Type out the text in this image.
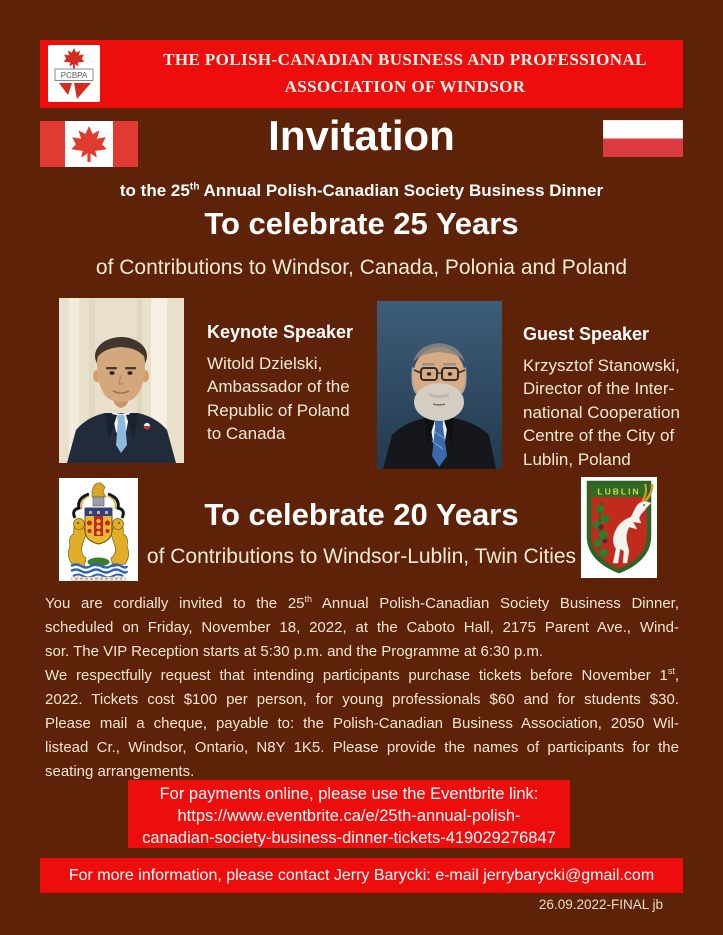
PCBPA
THE POLISH-CANADIAN BUSINESS AND PROFESSIONAL
ASSOCIATION OF WINDSOR
Invitation
to the 25th Annual Polish-Canadian Society Business Dinner
To celebrate 25 Years
of Contributions to Windsor, Canada, Polonia and Poland
Keynote Speaker
Witold Dzielski,
Ambassador of the
Republic of Poland
to Canada
Guest Speaker
Krzysztof Stanowski,
Director of the Inter-
national Cooperation
Centre of the City of
Lublin, Poland
To celebrate 20 Years
of Contributions to Windsor-Lublin, Twin Cities
LUBLIN
You are cordially invited to the 25th Annual Polish-Canadian Society Business Dinner,
scheduled on Friday, November 18, 2022, at the Caboto Hall, 2175 Parent Ave., Wind-
sor. The VIP Reception starts at 5:30 p.m. and the Programme at 6:30 p.m.
We respectfully request that intending participants purchase tickets before November 1st,
2022. Tickets cost $100 per person, for young professionals $60 and for students $30.
Please mail a cheque, payable to: the Polish-Canadian Business Association, 2050 Wil-
listead Cr., Windsor, Ontario, N8Y 1K5. Please provide the names of participants for the
seating arrangements.
For payments online, please use the Eventbrite link:
https://www.eventbrite.ca/e/25th-annual-polish-
canadian-society-business-dinner-tickets-419029276847
For more information, please contact Jerry Barycki: e-mail jerrybarycki@gmail.com
26.09.2022-FINAL jb
